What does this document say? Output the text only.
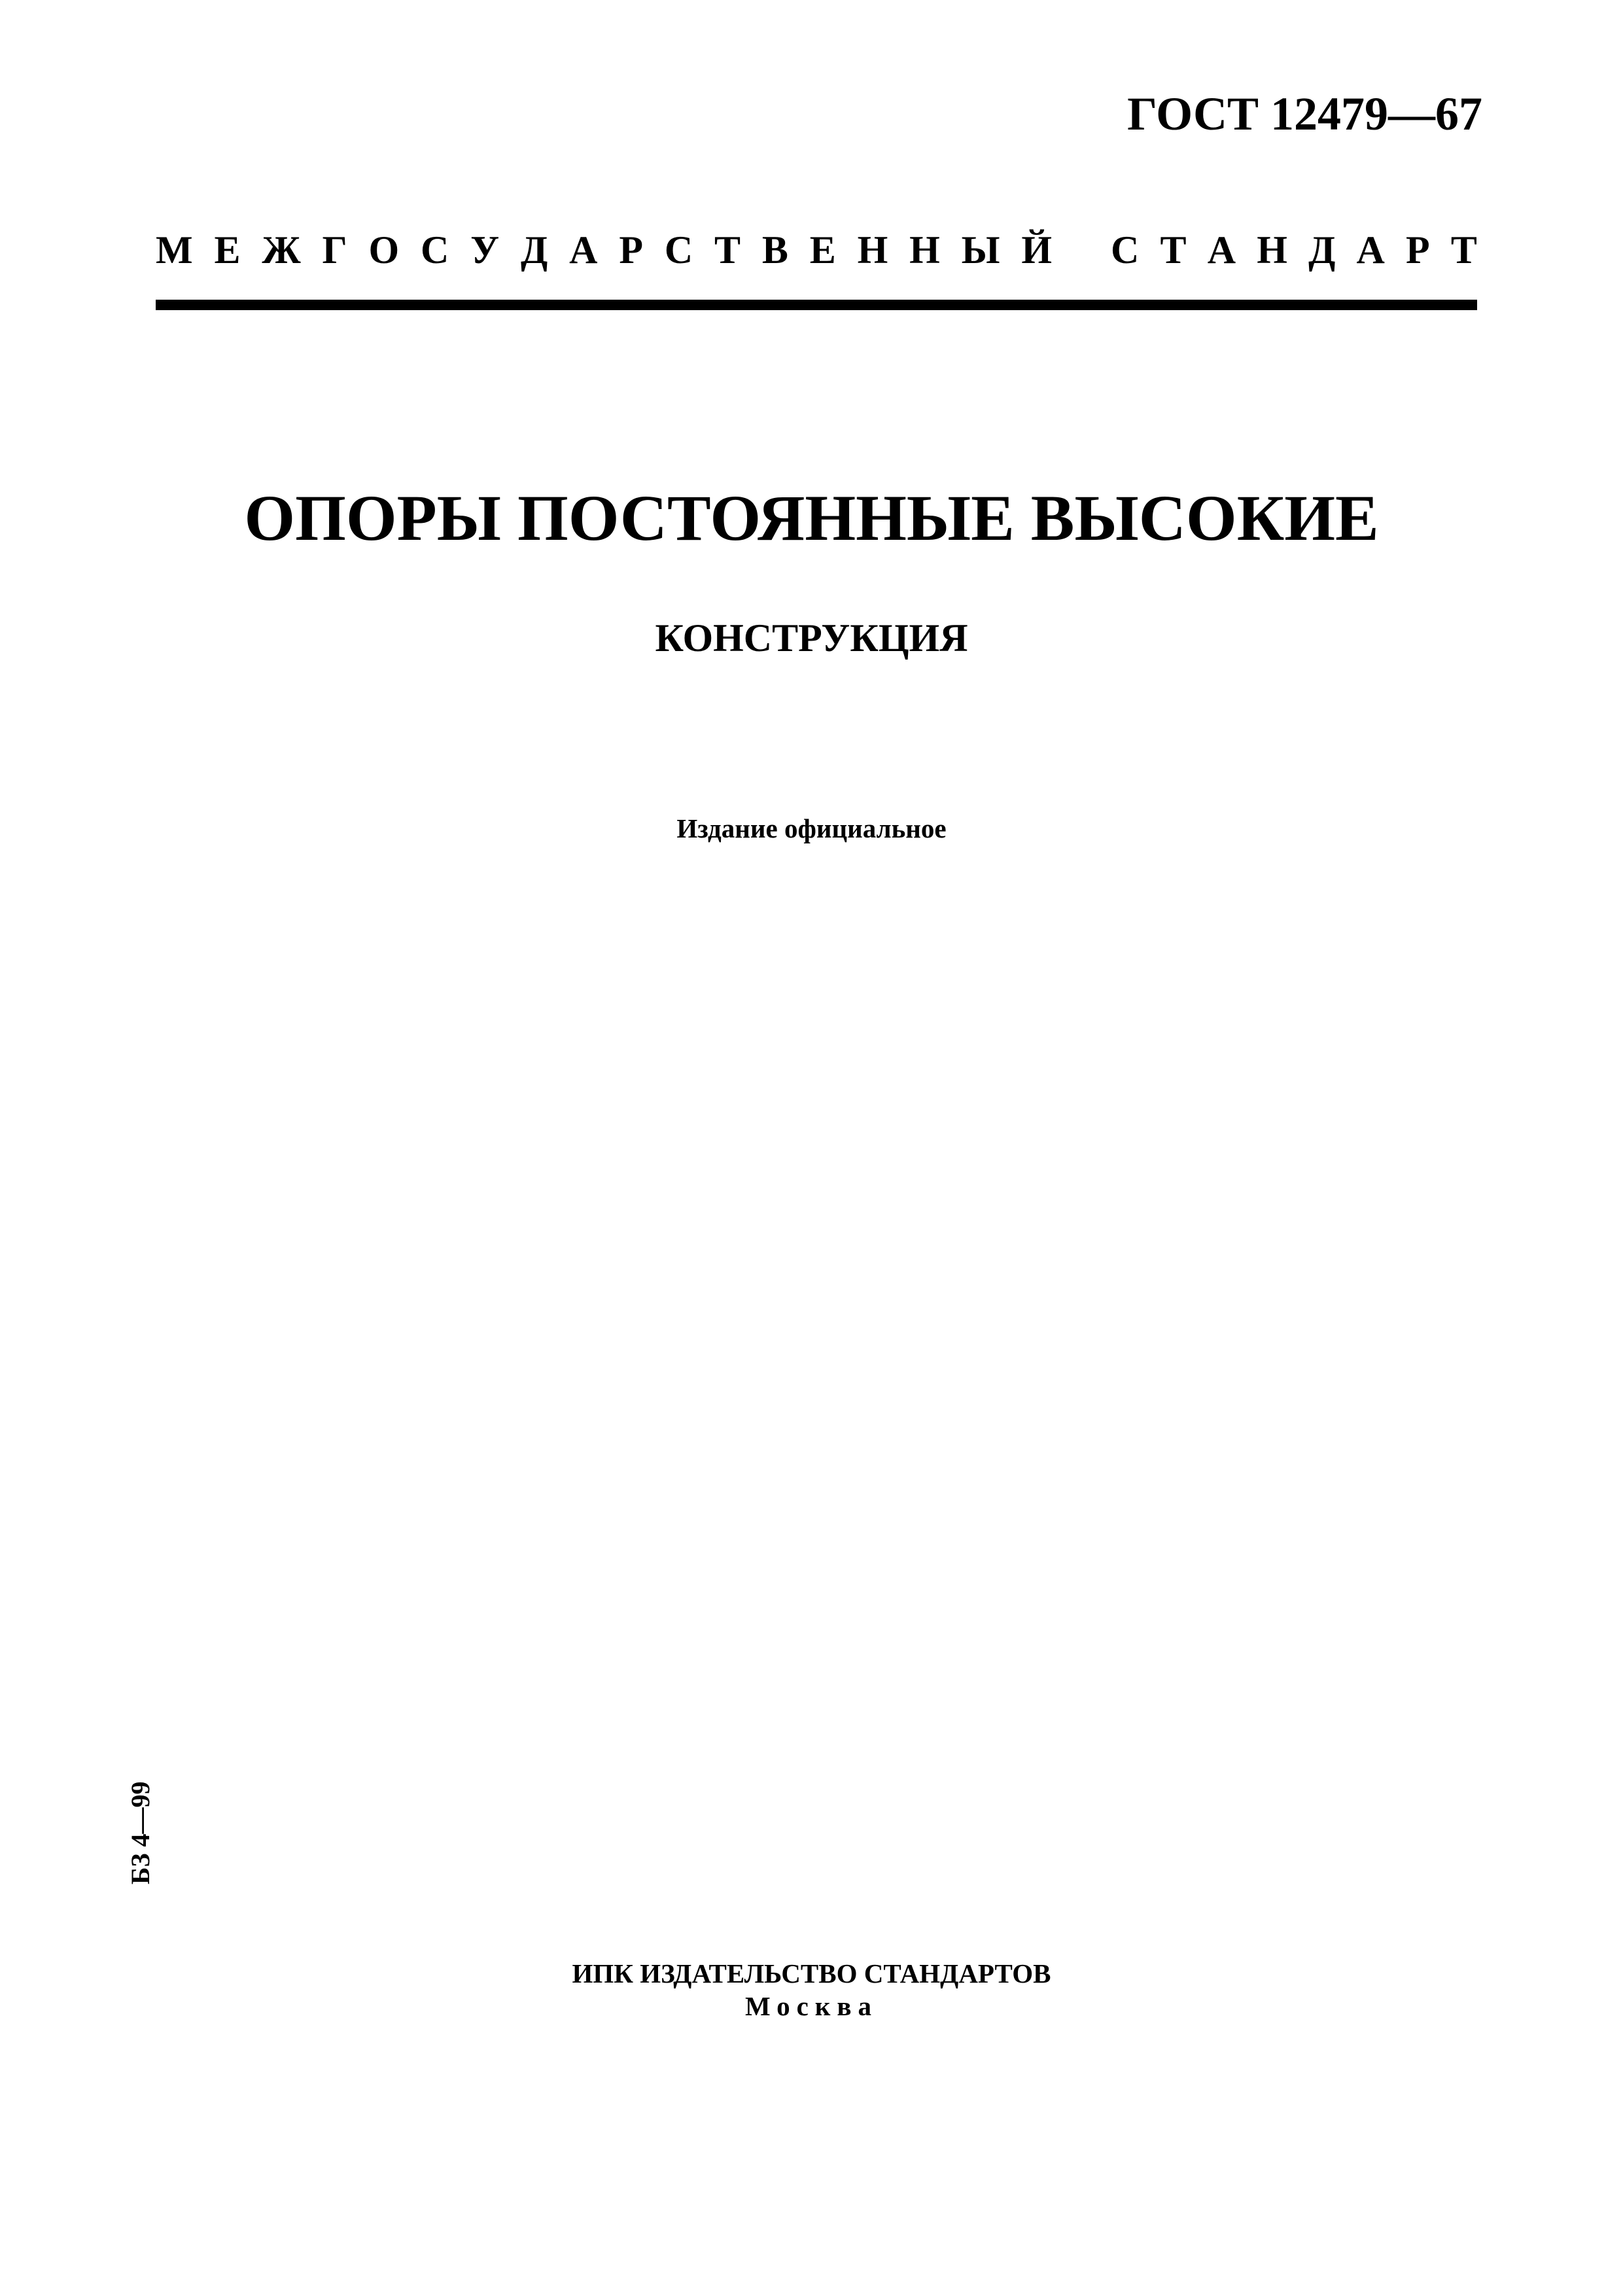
ГОСТ 12479—67
М Е Ж Г О С У Д А Р С Т В Е Н Н Ы Й С Т А Н Д А Р Т
ОПОРЫ ПОСТОЯННЫЕ ВЫСОКИЕ
КОНСТРУКЦИЯ
Издание официальное
БЗ 4—99
ИПК ИЗДАТЕЛЬСТВО СТАНДАРТОВ
Москва
